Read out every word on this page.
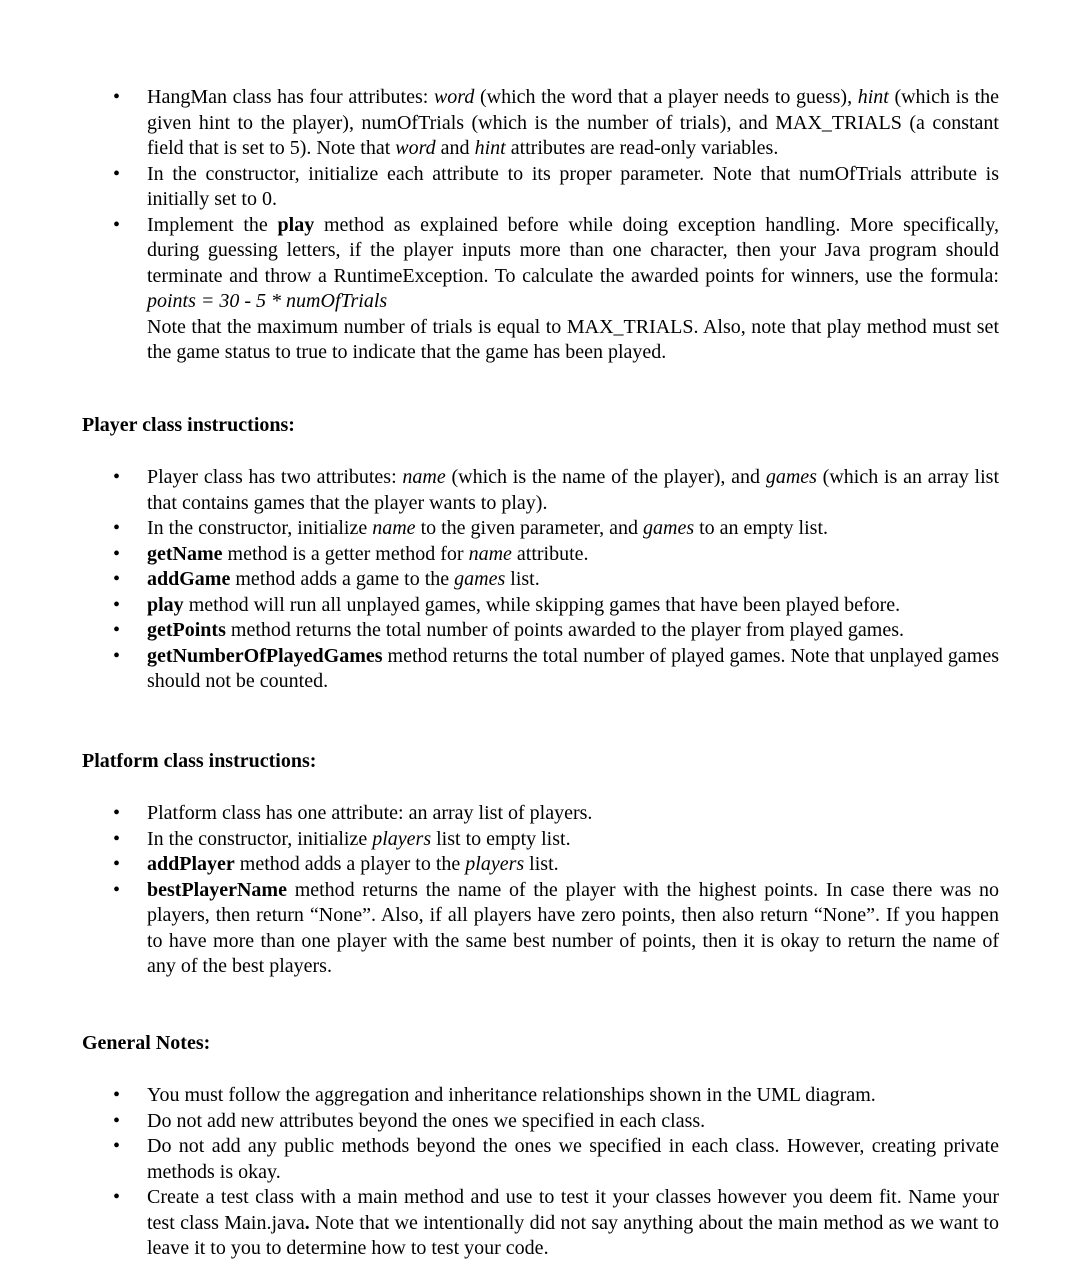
• HangMan class has four attributes: word (which the word that a player needs to guess), hint (which is the given hint to the player), numOfTrials (which is the number of trials), and MAX_TRIALS (a constant field that is set to 5). Note that word and hint attributes are read-only variables.
• In the constructor, initialize each attribute to its proper parameter. Note that numOfTrials attribute is initially set to 0.
• Implement the play method as explained before while doing exception handling. More specifically, during guessing letters, if the player inputs more than one character, then your Java program should terminate and throw a RuntimeException. To calculate the awarded points for winners, use the formula: points = 30 - 5 * numOfTrials
Note that the maximum number of trials is equal to MAX_TRIALS. Also, note that play method must set the game status to true to indicate that the game has been played.
Player class instructions:
• Player class has two attributes: name (which is the name of the player), and games (which is an array list that contains games that the player wants to play).
• In the constructor, initialize name to the given parameter, and games to an empty list.
• getName method is a getter method for name attribute.
• addGame method adds a game to the games list.
• play method will run all unplayed games, while skipping games that have been played before.
• getPoints method returns the total number of points awarded to the player from played games.
• getNumberOfPlayedGames method returns the total number of played games. Note that unplayed games should not be counted.
Platform class instructions:
• Platform class has one attribute: an array list of players.
• In the constructor, initialize players list to empty list.
• addPlayer method adds a player to the players list.
• bestPlayerName method returns the name of the player with the highest points. In case there was no players, then return “None”. Also, if all players have zero points, then also return “None”. If you happen to have more than one player with the same best number of points, then it is okay to return the name of any of the best players.
General Notes:
• You must follow the aggregation and inheritance relationships shown in the UML diagram.
• Do not add new attributes beyond the ones we specified in each class.
• Do not add any public methods beyond the ones we specified in each class. However, creating private methods is okay.
• Create a test class with a main method and use to test it your classes however you deem fit. Name your test class Main.java. Note that we intentionally did not say anything about the main method as we want to leave it to you to determine how to test your code.
